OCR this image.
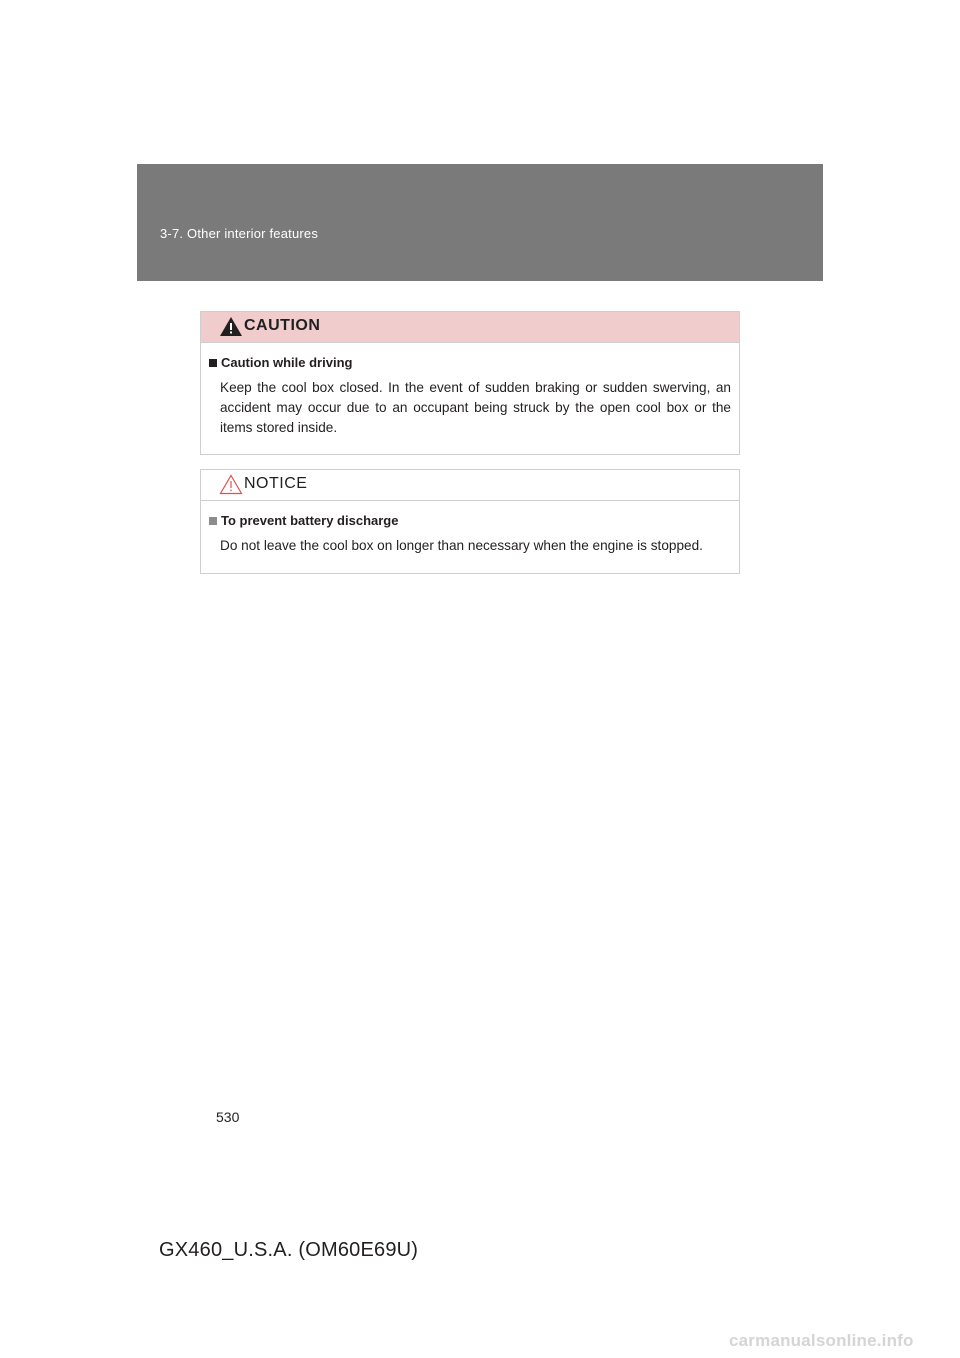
3-7. Other interior features
CAUTION
Caution while driving
Keep the cool box closed. In the event of sudden braking or sudden swerving, an accident may occur due to an occupant being struck by the open cool box or the items stored inside.
NOTICE
To prevent battery discharge
Do not leave the cool box on longer than necessary when the engine is stopped.
530
GX460_U.S.A. (OM60E69U)
carmanualsonline.info
